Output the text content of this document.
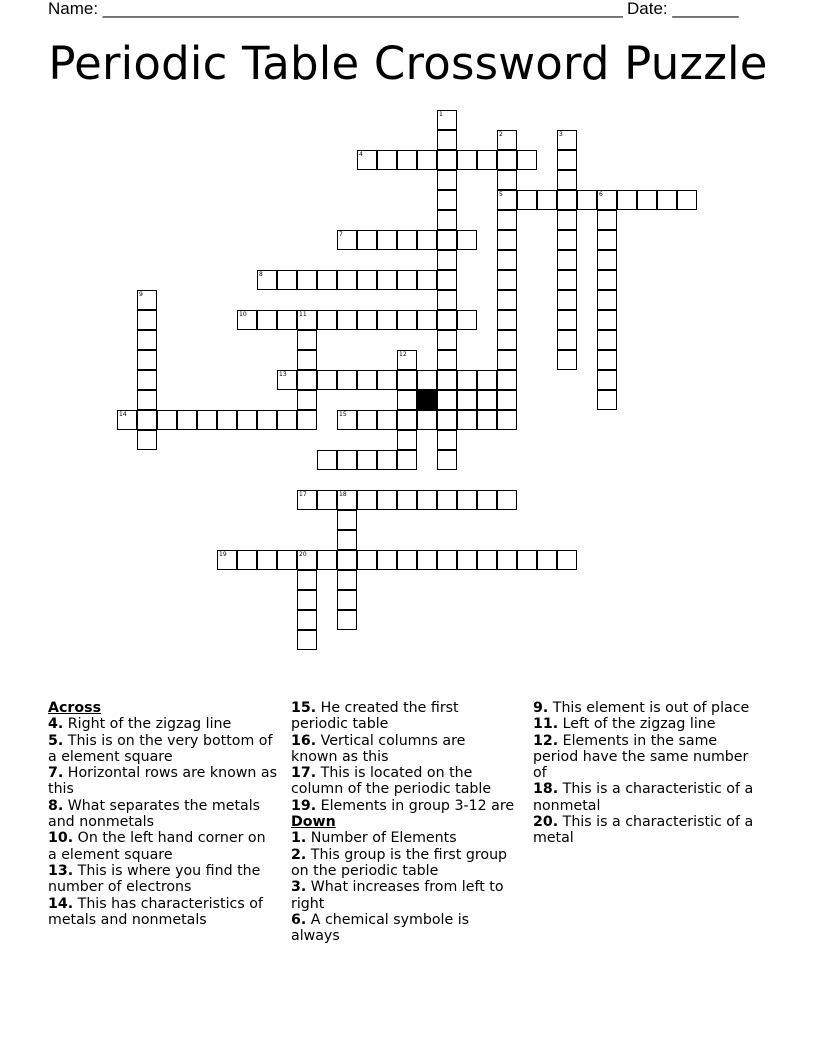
Name: _______________________________________________________ Date: _______
Periodic Table Crossword Puzzle
1
2
5
3
4
6
7
8
9
10	11
12
13
14	15
17	18
19	20
Across
4. Right of the zigzag line
5. This is on the very bottom of a element square
7. Horizontal rows are known as this
8. What separates the metals and nonmetals
10. On the left hand corner on a element square
13. This is where you find the number of electrons
14. This has characteristics of metals and nonmetals
15. He created the first periodic table
16. Vertical columns are known as this
17. This is located on the column of the periodic table
19. Elements in group 3-12 are
Down
1. Number of Elements
2. This group is the first group on the periodic table
3. What increases from left to right
6. A chemical symbole is always
9. This element is out of place
11. Left of the zigzag line
12. Elements in the same period have the same number of
18. This is a characteristic of a nonmetal
20. This is a characteristic of a metal
